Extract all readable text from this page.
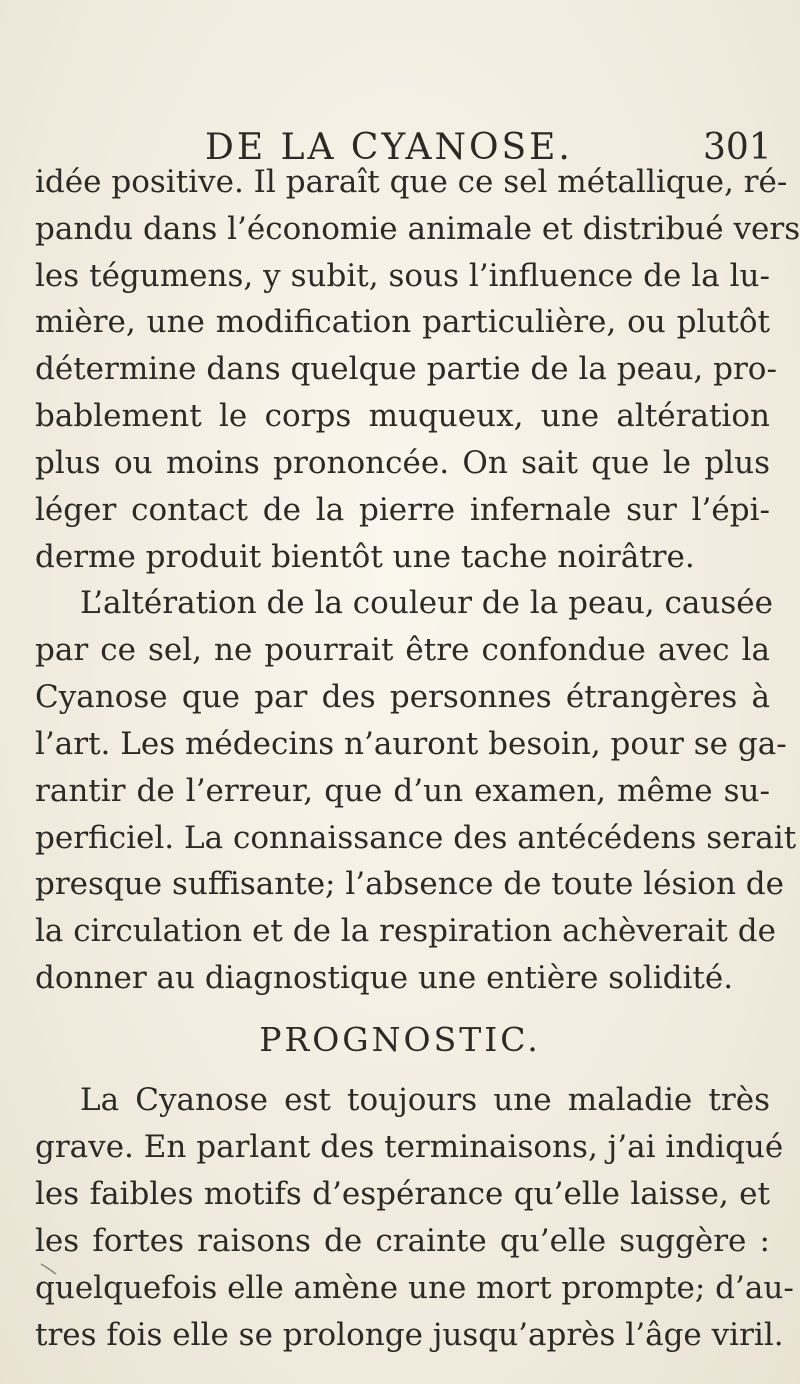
DE LA CYANOSE.	301
idée positive. Il paraît que ce sel métallique, ré-
pandu dans l’économie animale et distribué vers
les tégumens, y subit, sous l’influence de la lu-
mière, une modification particulière, ou plutôt
détermine dans quelque partie de la peau, pro-
bablement le corps muqueux, une altération
plus ou moins prononcée. On sait que le plus
léger contact de la pierre infernale sur l’épi-
derme produit bientôt une tache noirâtre.
L’altération de la couleur de la peau, causée
par ce sel, ne pourrait être confondue avec la
Cyanose que par des personnes étrangères à
l’art. Les médecins n’auront besoin, pour se ga-
rantir de l’erreur, que d’un examen, même su-
perficiel. La connaissance des antécédens serait
presque suffisante; l’absence de toute lésion de
la circulation et de la respiration achèverait de
donner au diagnostique une entière solidité.
PROGNOSTIC.
La Cyanose est toujours une maladie très
grave. En parlant des terminaisons, j’ai indiqué
les faibles motifs d’espérance qu’elle laisse, et
les fortes raisons de crainte qu’elle suggère :
quelquefois elle amène une mort prompte; d’au-
tres fois elle se prolonge jusqu’après l’âge viril.
